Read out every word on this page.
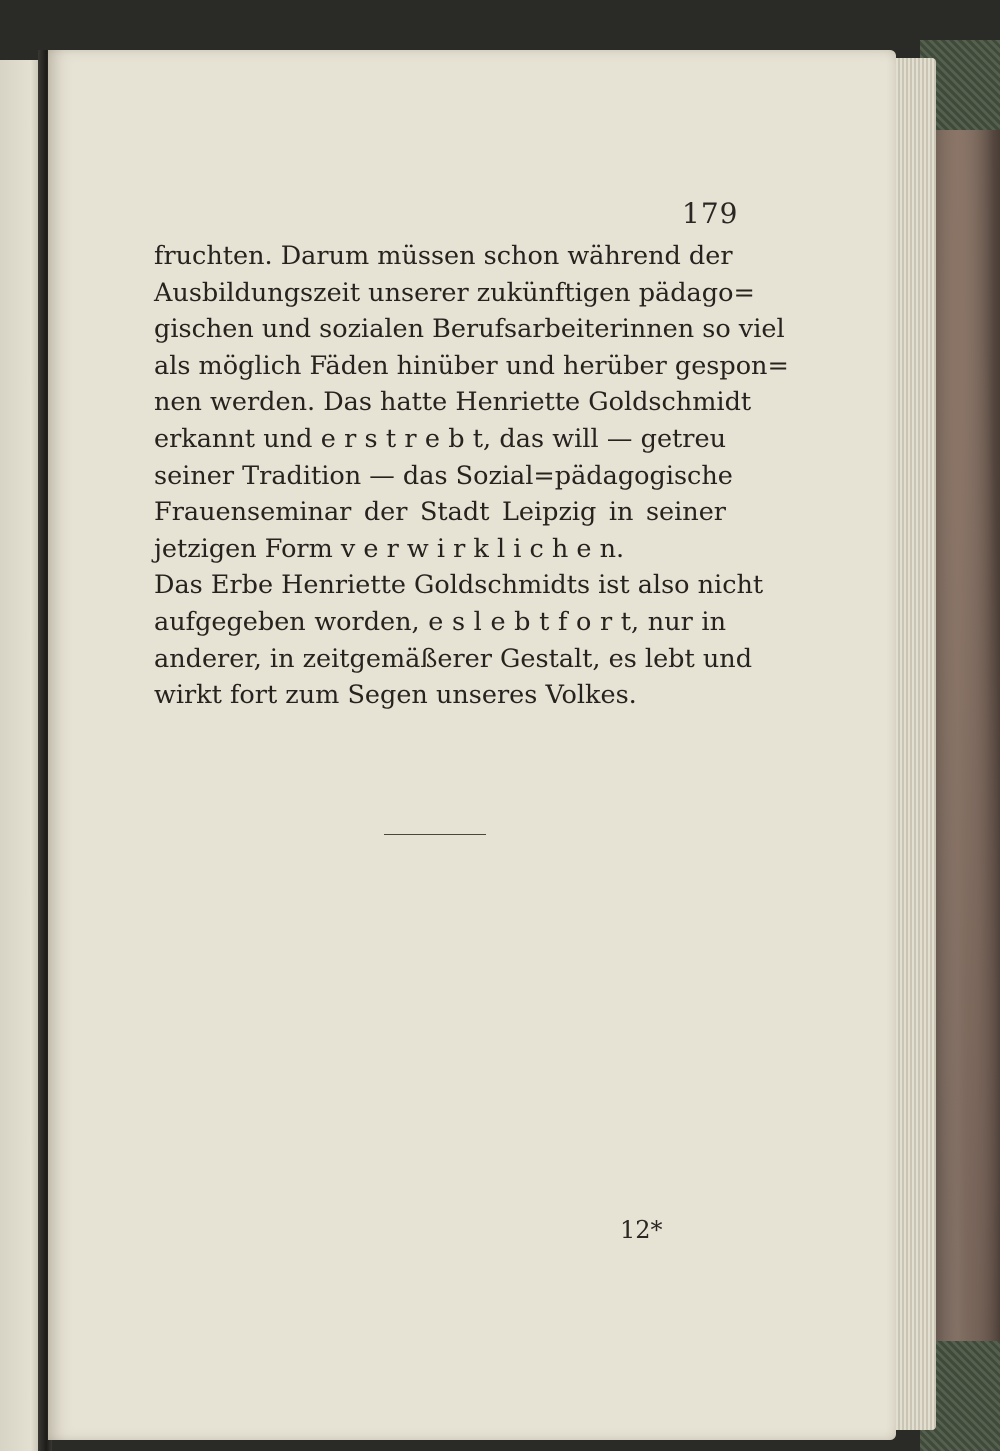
179
fruchten. Darum müssen schon während der
Ausbildungszeit unserer zukünftigen pädago=
gischen und sozialen Berufsarbeiterinnen so viel
als möglich Fäden hinüber und herüber gespon=
nen werden. Das hatte Henriette Goldschmidt
erkannt und e r s t r e b t, das will — getreu
seiner Tradition — das Sozial=pädagogische
Frauenseminar der Stadt Leipzig in seiner
jetzigen Form v e r w i r k l i c h e n.
Das Erbe Henriette Goldschmidts ist also nicht
aufgegeben worden, e s l e b t f o r t, nur in
anderer, in zeitgemäßerer Gestalt, es lebt und
wirkt fort zum Segen unseres Volkes.
12*
